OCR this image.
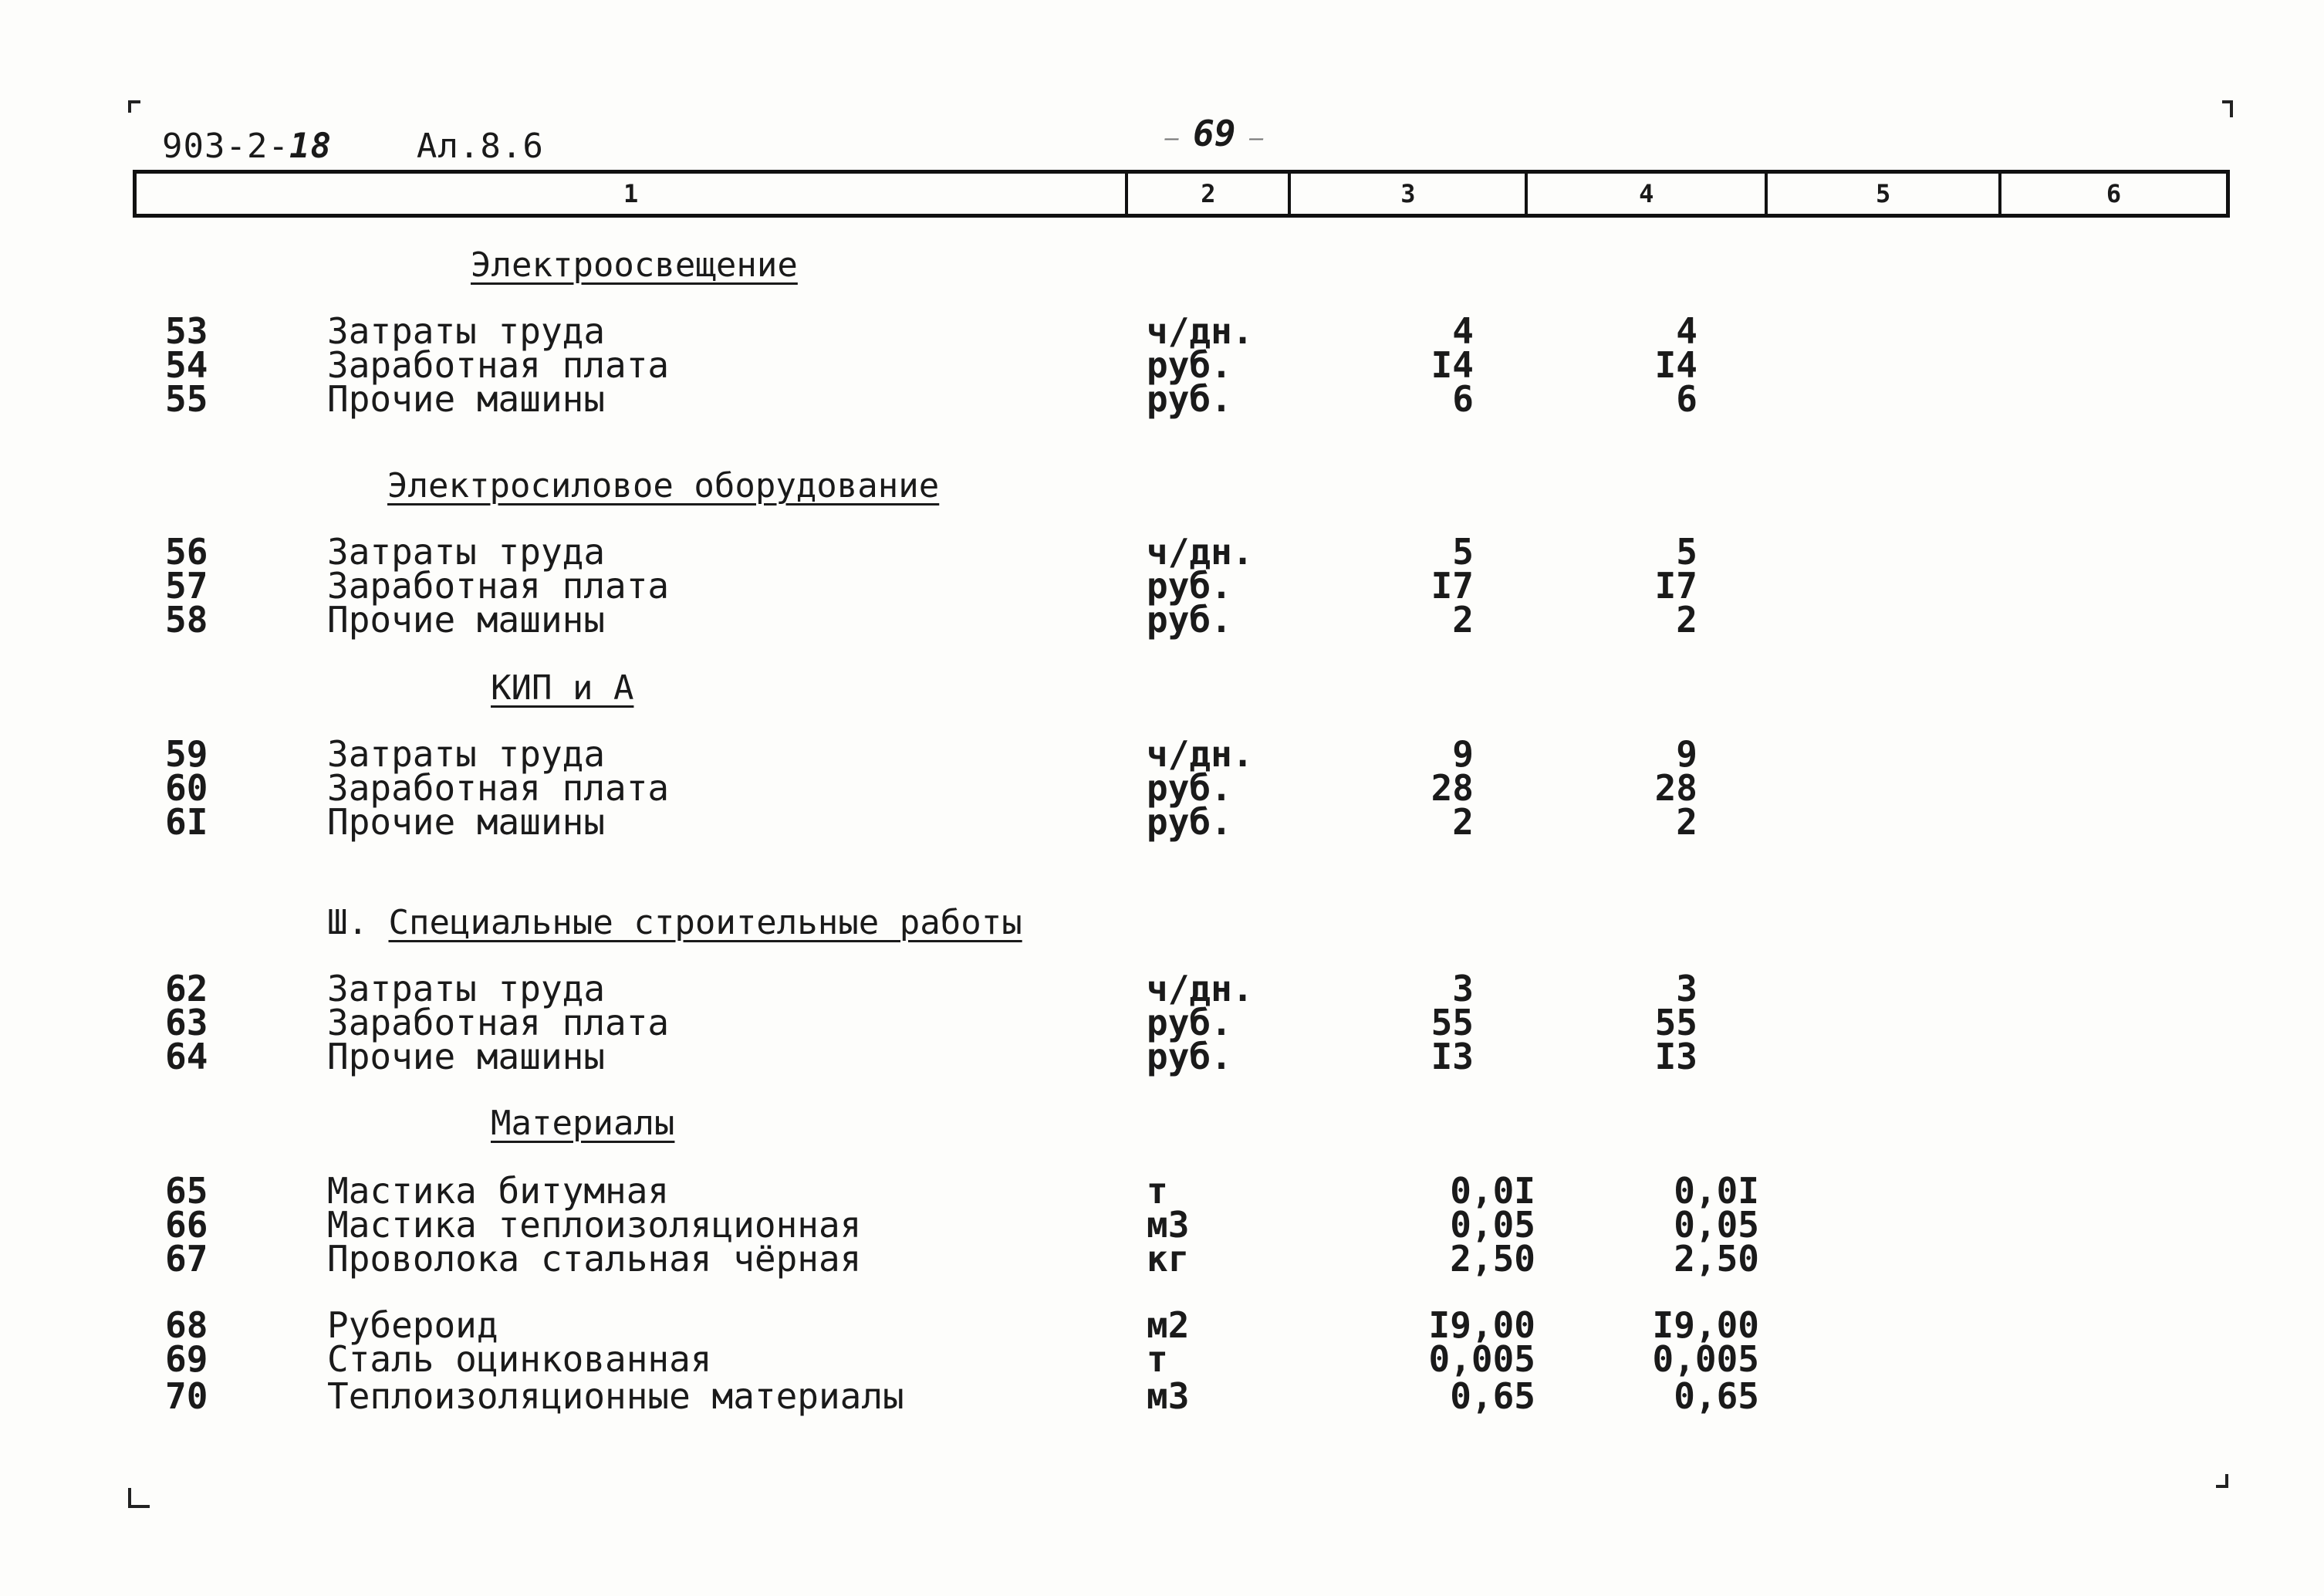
903-2-18 Ал.8.6
—	69 —
1	2	3	4	5	6
Электроосвещение
53	Затраты труда	ч/дн.	4	4
54	Заработная плата	руб.	I4	I4
55	Прочие машины	руб.	6	6
Электросиловое оборудование
56	Затраты труда	ч/дн.	5	5
57	Заработная плата	руб.	I7	I7
58	Прочие машины	руб.	2	2
КИП и А
59	Затраты труда	ч/дн.	9	9
60	Заработная плата	руб.	28	28
6I	Прочие машины	руб.	2	2
Ш. Специальные строительные работы
62	Затраты труда	ч/дн.	3	3
63	Заработная плата	руб.	55	55
64	Прочие машины	руб.	I3	I3
Материалы
65	Мастика битумная	т	0,0I	0,0I
66	Мастика теплоизоляционная	м3	0,05	0,05
67	Проволока стальная чёрная	кг	2,50	2,50
68	Рубероид	м2	I9,00	I9,00
69	Сталь оцинкованная	т	0,005	0,005
70	Теплоизоляционные материалы	м3	0,65	0,65
